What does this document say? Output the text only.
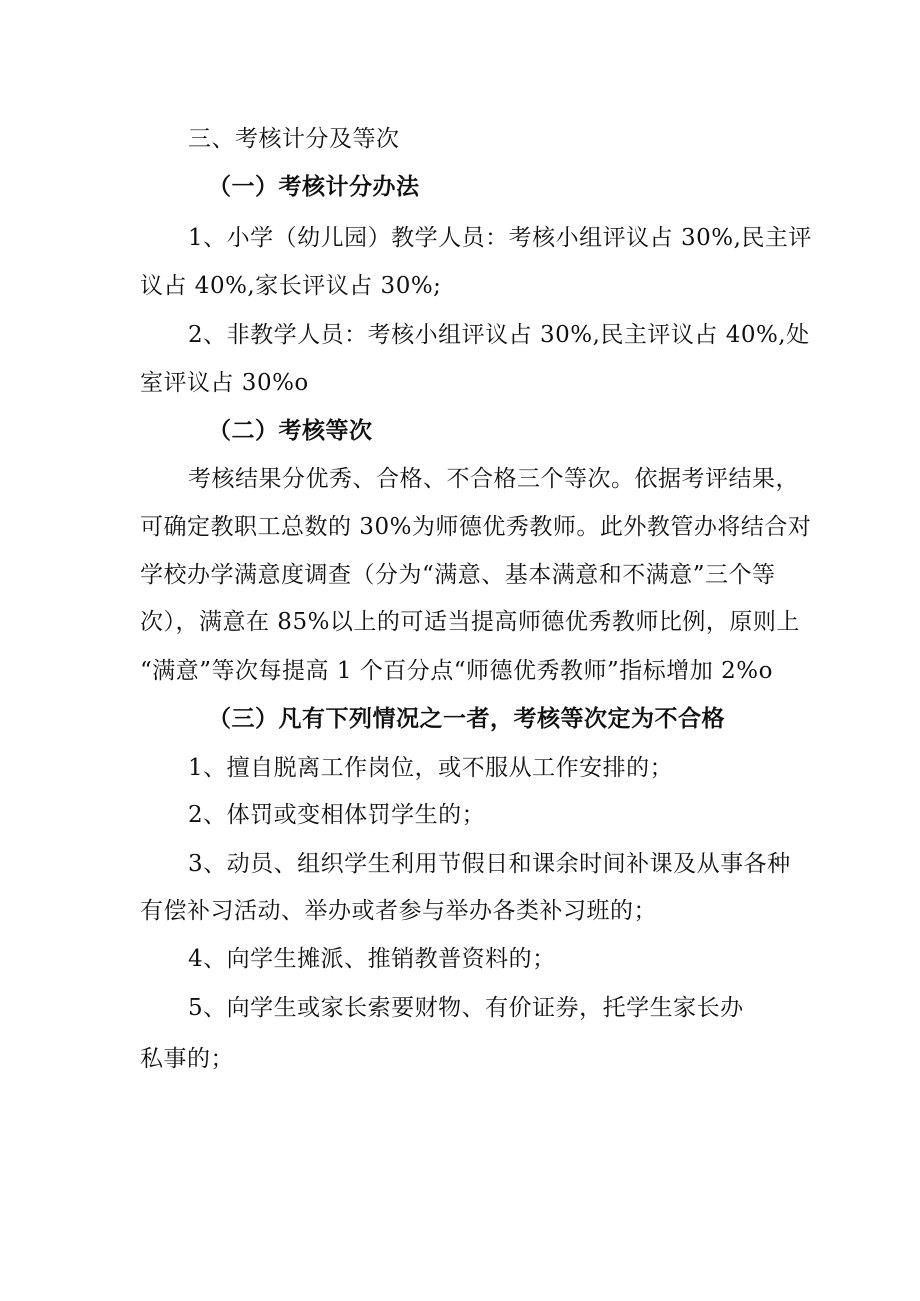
三、考核计分及等次
（一）考核计分办法
1、小学（幼儿园）教学人员：考核小组评议占 30%,民主评
议占 40%,家长评议占 30%;
2、非教学人员：考核小组评议占 30%,民主评议占 40%,处
室评议占 30%o
（二）考核等次
考核结果分优秀、合格、不合格三个等次。依据考评结果，
可确定教职工总数的 30%为师德优秀教师。此外教管办将结合对
学校办学满意度调查（分为“满意、基本满意和不满意”三个等
次），满意在 85%以上的可适当提高师德优秀教师比例，原则上
“满意”等次每提高 1 个百分点“师德优秀教师”指标增加 2%o
（三）凡有下列情况之一者，考核等次定为不合格
1、擅自脱离工作岗位，或不服从工作安排的；
2、体罚或变相体罚学生的；
3、动员、组织学生利用节假日和课余时间补课及从事各种
有偿补习活动、举办或者参与举办各类补习班的；
4、向学生摊派、推销教普资料的；
5、向学生或家长索要财物、有价证券，托学生家长办
私事的；
